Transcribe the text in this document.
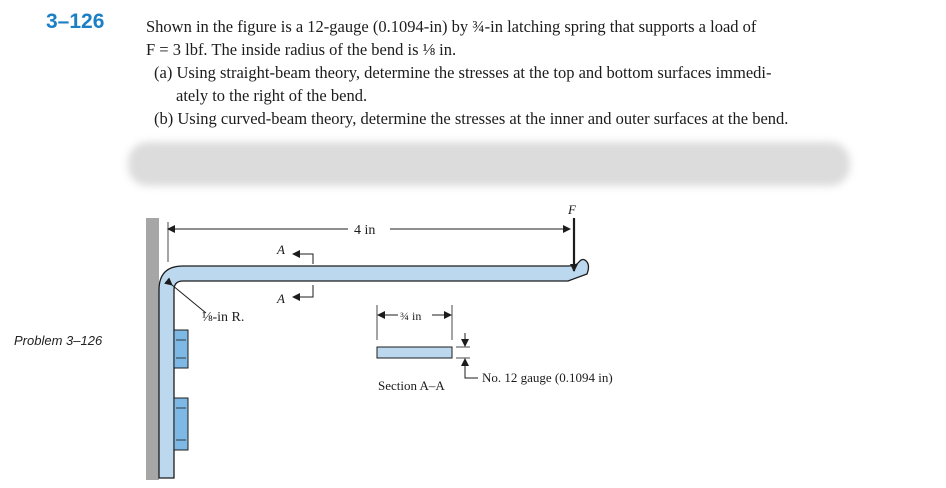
3–126	Shown in the figure is a 12-gauge (0.1094-in) by ¾-in latching spring that supports a load of
F = 3 lbf. The inside radius of the bend is ⅛ in.
(a) Using straight-beam theory, determine the stresses at the top and bottom surfaces immedi-
ately to the right of the bend.
(b) Using curved-beam theory, determine the stresses at the inner and outer surfaces at the bend.
Problem 3–126
⅛-in R.
4 in
F
A
A
¾ in
Section A–A
No. 12 gauge (0.1094 in)
